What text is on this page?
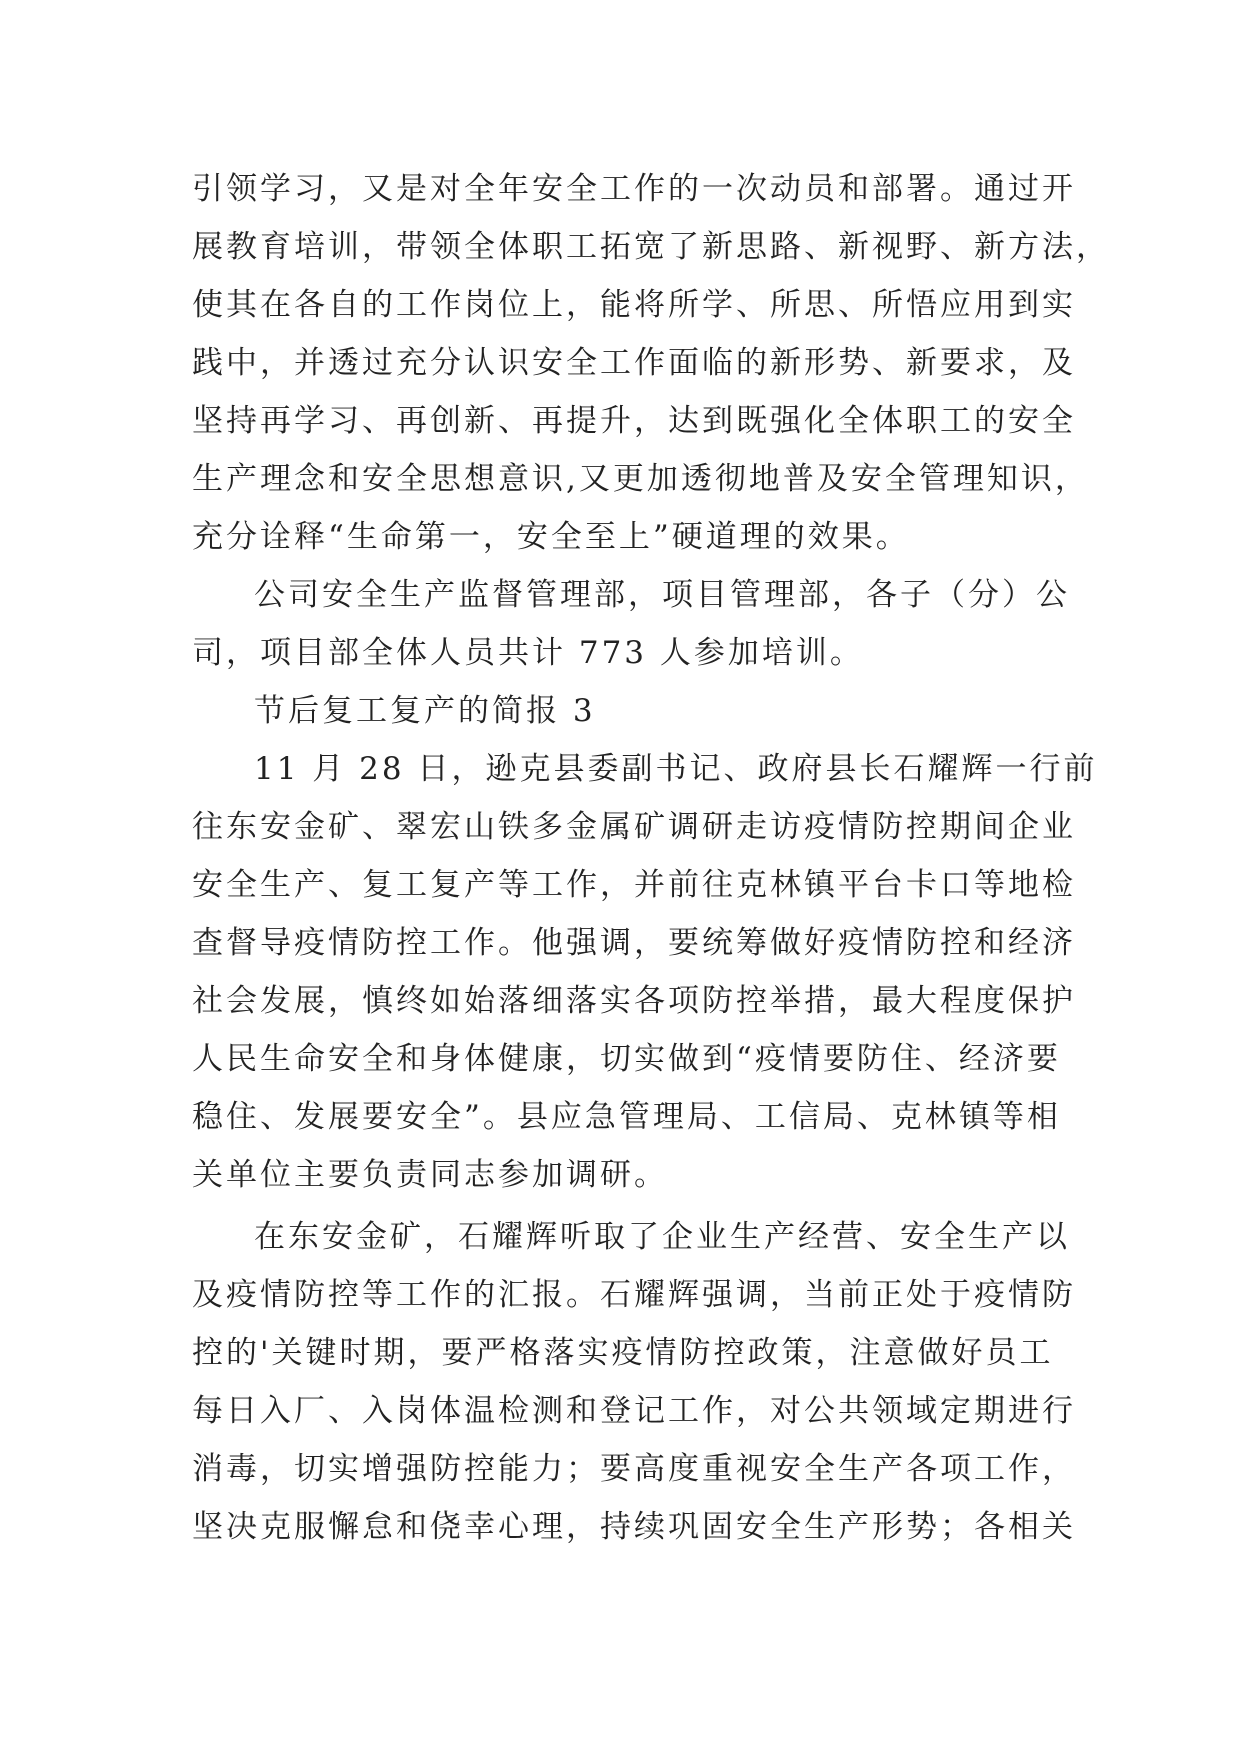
引领学习，又是对全年安全工作的一次动员和部署。通过开
展教育培训，带领全体职工拓宽了新思路、新视野、新方法，
使其在各自的工作岗位上，能将所学、所思、所悟应用到实
践中，并透过充分认识安全工作面临的新形势、新要求，及
坚持再学习、再创新、再提升，达到既强化全体职工的安全
生产理念和安全思想意识,又更加透彻地普及安全管理知识，
充分诠释“生命第一，安全至上”硬道理的效果。
公司安全生产监督管理部，项目管理部，各子（分）公
司，项目部全体人员共计 773 人参加培训。
节后复工复产的简报 3
11 月 28 日，逊克县委副书记、政府县长石耀辉一行前
往东安金矿、翠宏山铁多金属矿调研走访疫情防控期间企业
安全生产、复工复产等工作，并前往克林镇平台卡口等地检
查督导疫情防控工作。他强调，要统筹做好疫情防控和经济
社会发展，慎终如始落细落实各项防控举措，最大程度保护
人民生命安全和身体健康，切实做到“疫情要防住、经济要
稳住、发展要安全”。县应急管理局、工信局、克林镇等相
关单位主要负责同志参加调研。
在东安金矿，石耀辉听取了企业生产经营、安全生产以
及疫情防控等工作的汇报。石耀辉强调，当前正处于疫情防
控的'关键时期，要严格落实疫情防控政策，注意做好员工
每日入厂、入岗体温检测和登记工作，对公共领域定期进行
消毒，切实增强防控能力；要高度重视安全生产各项工作，
坚决克服懈怠和侥幸心理，持续巩固安全生产形势；各相关
